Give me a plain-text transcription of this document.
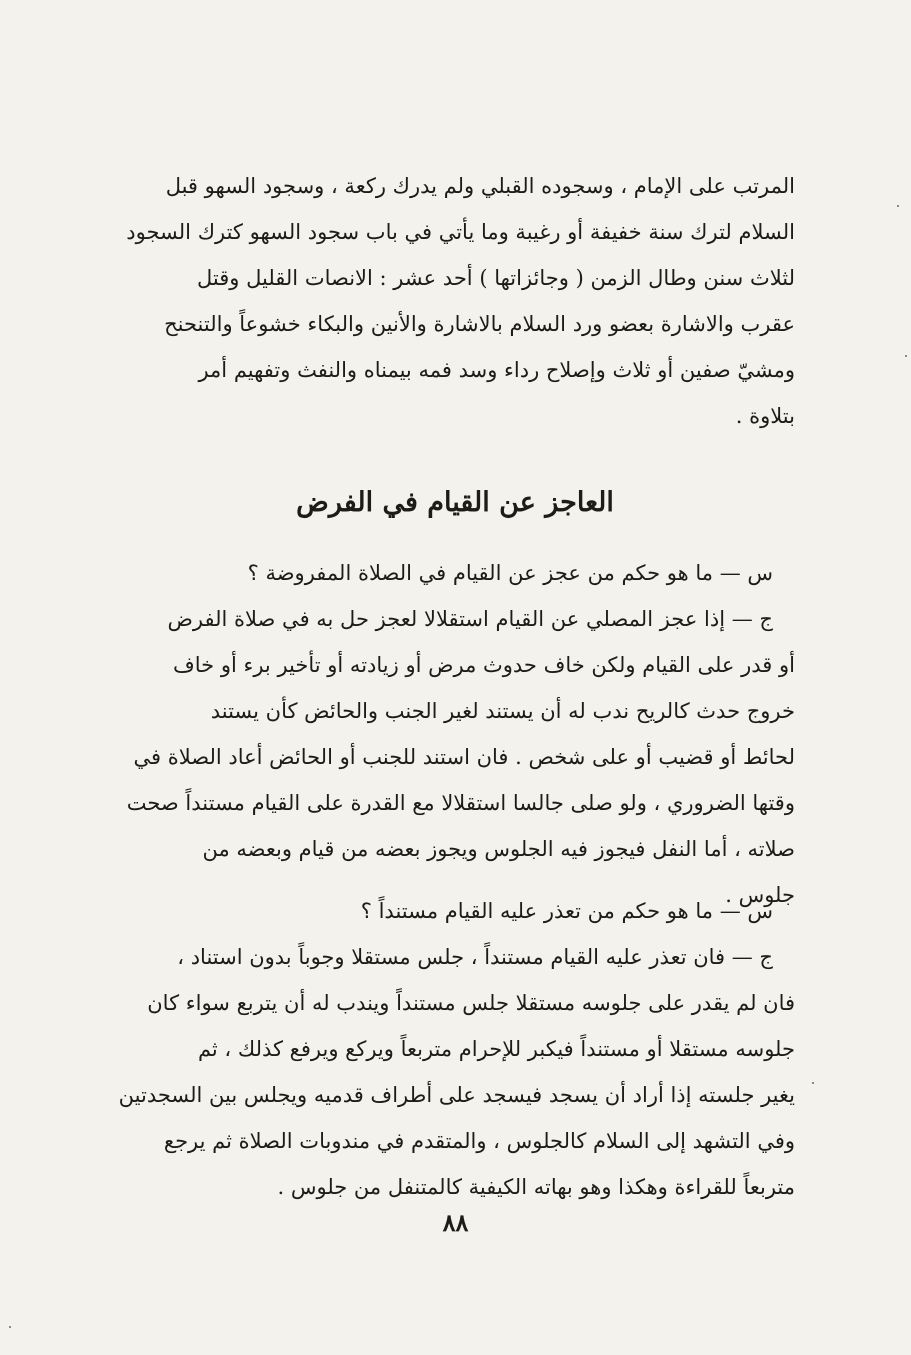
المرتب على الإمام ، وسجوده القبلي ولم يدرك ركعة ، وسجود السهو قبل
السلام لترك سنة خفيفة أو رغيبة وما يأتي في باب سجود السهو كترك السجود
لثلاث سنن وطال الزمن ( وجائزاتها ) أحد عشر : الانصات القليل وقتل
عقرب والاشارة بعضو ورد السلام بالاشارة والأنين والبكاء خشوعاً والتنحنح
ومشيّ صفين أو ثلاث وإصلاح رداء وسد فمه بيمناه والنفث وتفهيم أمر
بتلاوة .
العاجز عن القيام في الفرض
س — ما هو حكم من عجز عن القيام في الصلاة المفروضة ؟
ج — إذا عجز المصلي عن القيام استقلالا لعجز حل به في صلاة الفرض
أو قدر على القيام ولكن خاف حدوث مرض أو زيادته أو تأخير برء أو خاف
خروج حدث كالريح ندب له أن يستند لغير الجنب والحائض كأن يستند
لحائط أو قضيب أو على شخص . فان استند للجنب أو الحائض أعاد الصلاة في
وقتها الضروري ، ولو صلى جالسا استقلالا مع القدرة على القيام مستنداً صحت
صلاته ، أما النفل فيجوز فيه الجلوس ويجوز بعضه من قيام وبعضه من
جلوس .
س — ما هو حكم من تعذر عليه القيام مستنداً ؟
ج — فان تعذر عليه القيام مستنداً ، جلس مستقلا وجوباً بدون استناد ،
فان لم يقدر على جلوسه مستقلا جلس مستنداً ويندب له أن يتربع سواء كان
جلوسه مستقلا أو مستنداً فيكبر للإحرام متربعاً ويركع ويرفع كذلك ، ثم
يغير جلسته إذا أراد أن يسجد فيسجد على أطراف قدميه ويجلس بين السجدتين
وفي التشهد إلى السلام كالجلوس ، والمتقدم في مندوبات الصلاة ثم يرجع
متربعاً للقراءة وهكذا وهو بهاته الكيفية كالمتنفل من جلوس .
٨٨
